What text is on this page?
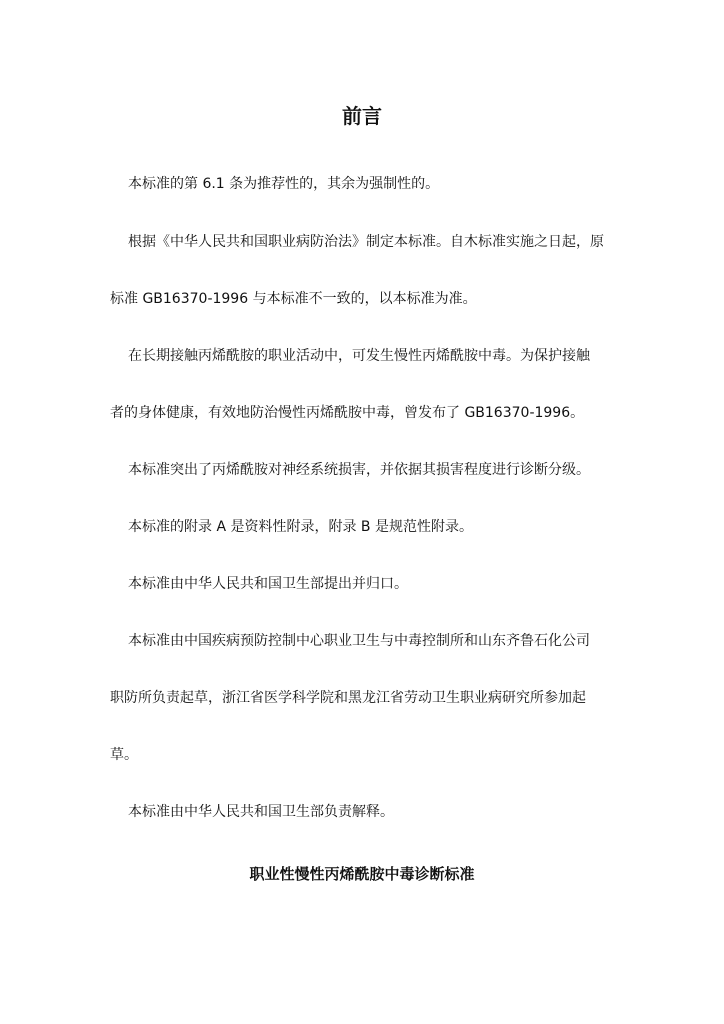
前言

本标准的第 6.1 条为推荐性的，其余为强制性的。

根据《中华人民共和国职业病防治法》制定本标准。自木标准实施之日起，原

标准 GB16370-1996 与本标准不一致的，以本标准为准。

在长期接触丙烯酰胺的职业活动中，可发生慢性丙烯酰胺中毒。为保护接触

者的身体健康，有效地防治慢性丙烯酰胺中毒，曾发布了 GB16370-1996。

本标准突出了丙烯酰胺对神经系统损害，并依据其损害程度进行诊断分级。

本标准的附录 A 是资料性附录，附录 B 是规范性附录。

本标准由中华人民共和国卫生部提出并归口。

本标准由中国疾病预防控制中心职业卫生与中毒控制所和山东齐鲁石化公司

职防所负责起草，浙江省医学科学院和黑龙江省劳动卫生职业病研究所参加起

草。

本标准由中华人民共和国卫生部负责解释。

职业性慢性丙烯酰胺中毒诊断标准
